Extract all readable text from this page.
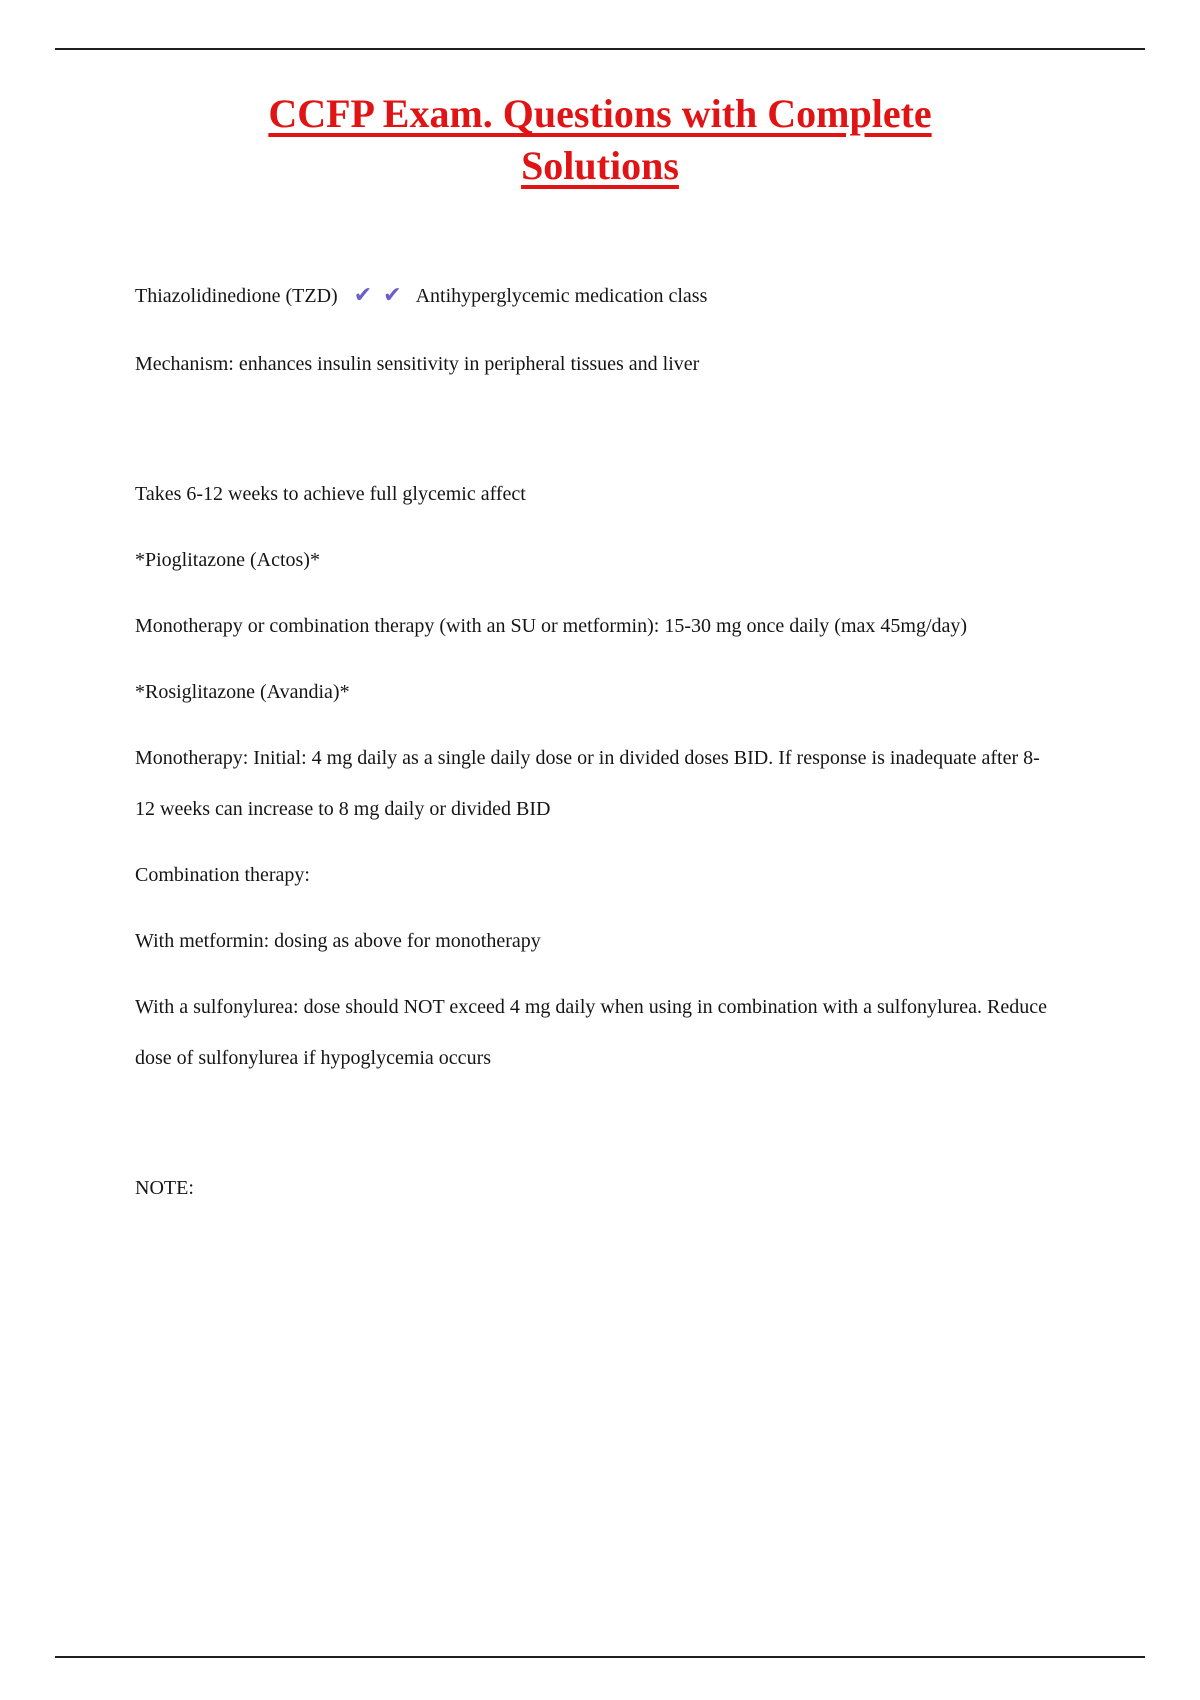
CCFP Exam. Questions with Complete Solutions
Thiazolidinedione (TZD) ✔ ✔ Antihyperglycemic medication class

Mechanism: enhances insulin sensitivity in peripheral tissues and liver

Takes 6-12 weeks to achieve full glycemic affect

*Pioglitazone (Actos)*

Monotherapy or combination therapy (with an SU or metformin): 15-30 mg once daily (max 45mg/day)

*Rosiglitazone (Avandia)*

Monotherapy: Initial: 4 mg daily as a single daily dose or in divided doses BID. If response is inadequate after 8-12 weeks can increase to 8 mg daily or divided BID

Combination therapy:

With metformin: dosing as above for monotherapy

With a sulfonylurea: dose should NOT exceed 4 mg daily when using in combination with a sulfonylurea. Reduce dose of sulfonylurea if hypoglycemia occurs

NOTE:
